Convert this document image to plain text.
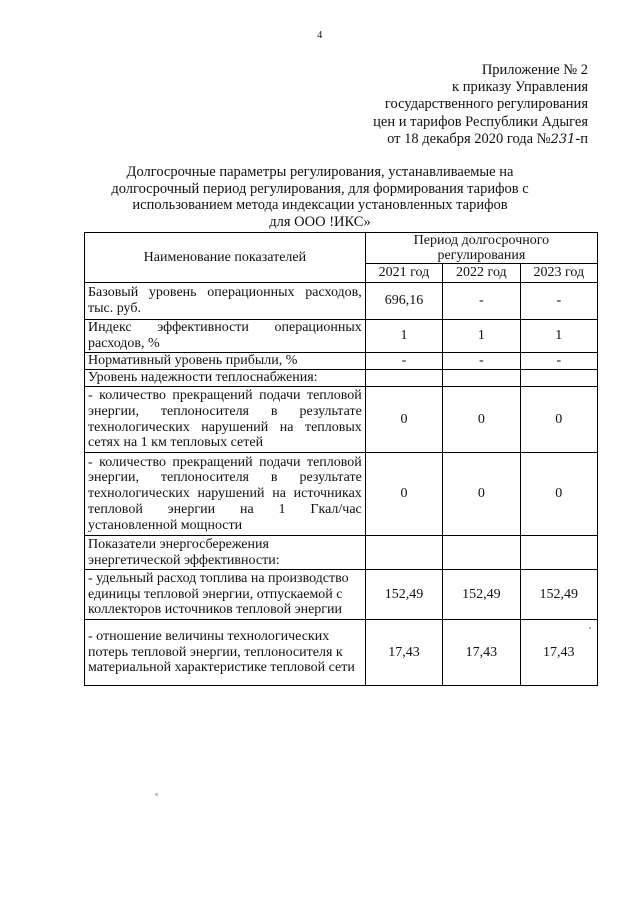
4
Приложение № 2
к приказу Управления
государственного регулирования
цен и тарифов Республики Адыгея
от 18 декабря 2020 года №231-п
Долгосрочные параметры регулирования, устанавливаемые на
долгосрочный период регулирования, для формирования тарифов с
использованием метода индексации установленных тарифов
для ООО !ИКС»
Наименование показателей	Период долгосрочного регулирования		
	2021 год	2022 год	2023 год
Базовый уровень операционных расходов, тыс. руб.	696,16	-	-
Индекс эффективности операционных расходов, %	1	1	1
Нормативный уровень прибыли, %	-	-	-
Уровень надежности теплоснабжения:			
- количество прекращений подачи тепловой энергии, теплоносителя в результате технологических нарушений на тепловых сетях на 1 км тепловых сетей	0	0	0
- количество прекращений подачи тепловой энергии, теплоносителя в результате технологических нарушений на источниках тепловой энергии на 1 Гкал/час установленной мощности	0	0	0
Показатели энергосбережения энергетической эффективности:			
- удельный расход топлива на производство единицы тепловой энергии, отпускаемой с коллекторов источников тепловой энергии	152,49	152,49	152,49
- отношение величины технологических потерь тепловой энергии, теплоносителя к материальной характеристике тепловой сети	17,43	17,43	17,43
